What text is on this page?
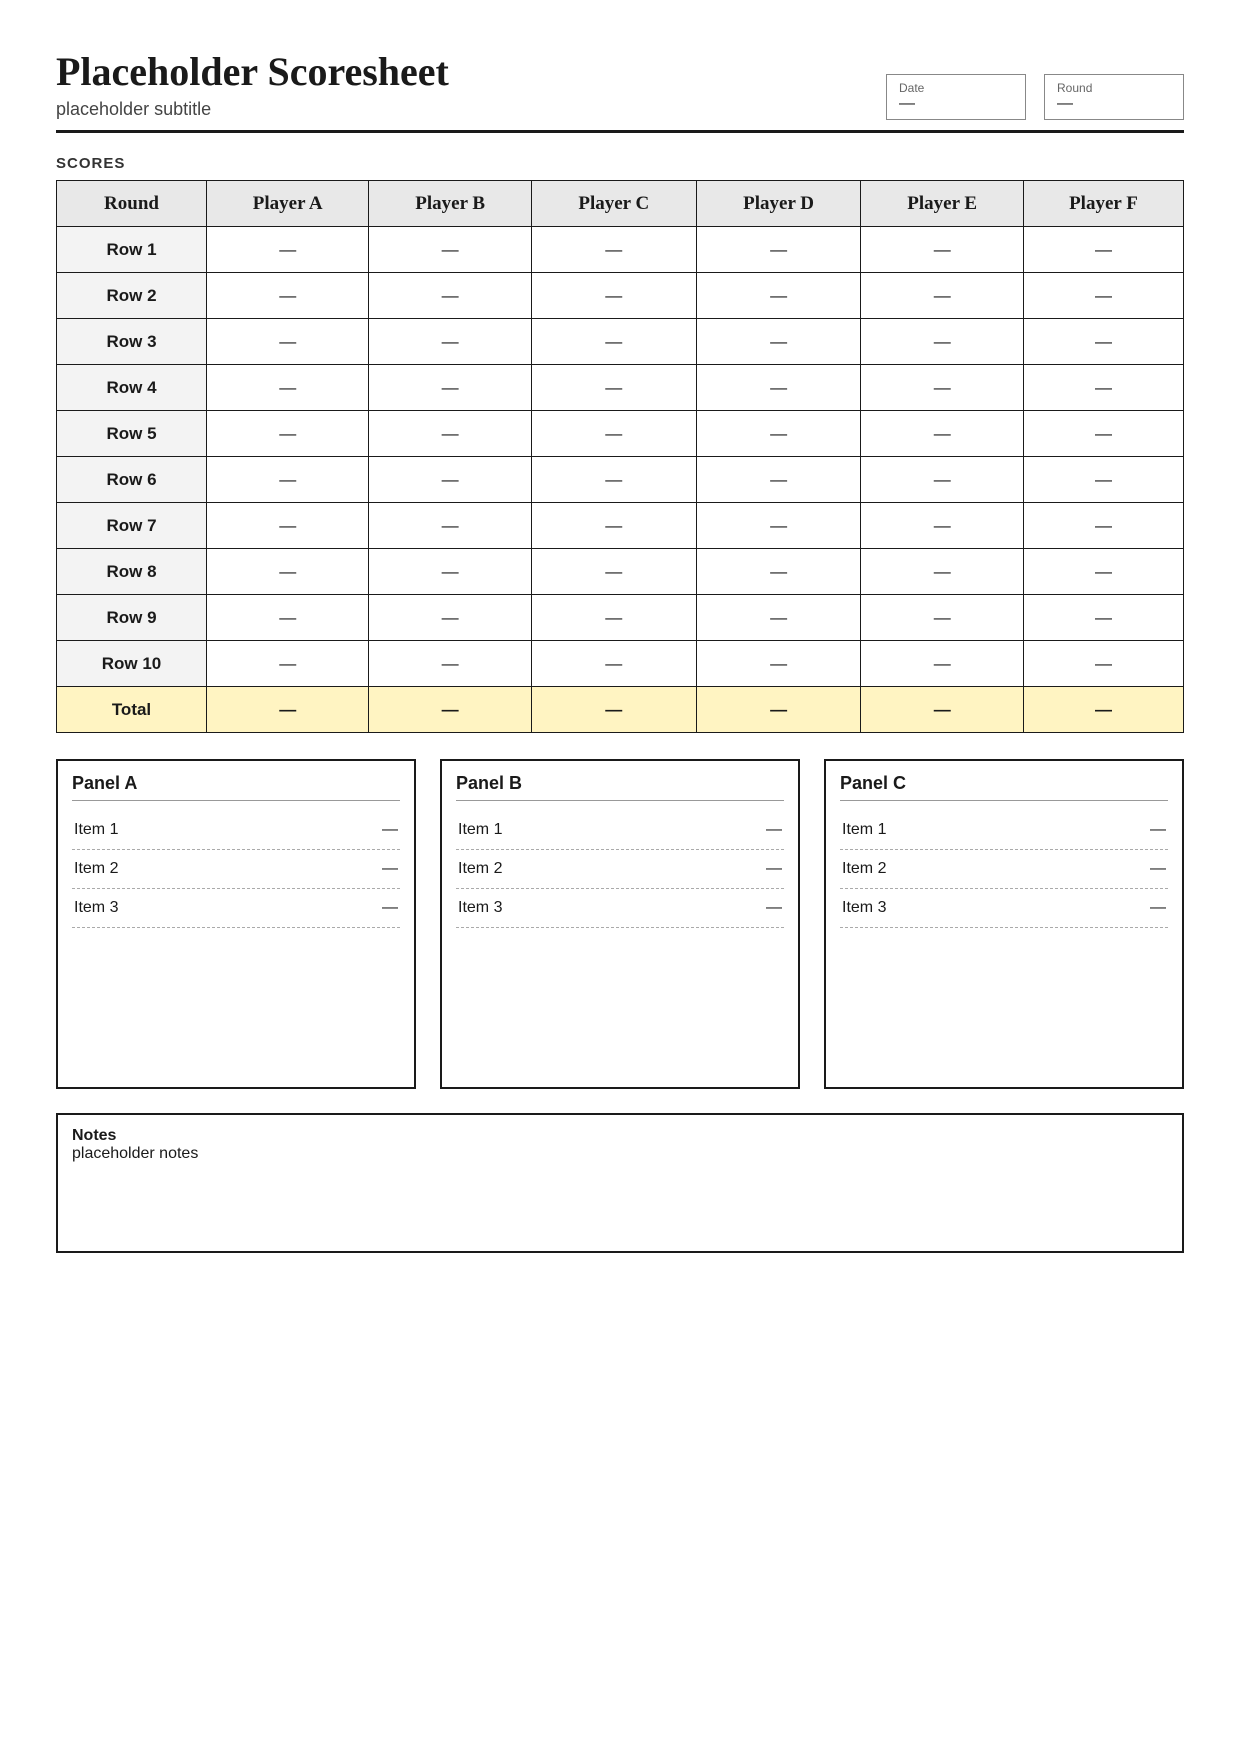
Placeholder Scoresheet
placeholder subtitle
Date
—
Round
—
SCORES
Round	Player A	Player B	Player C	Player D	Player E	Player F
Row 1	—	—	—	—	—	—
Row 2	—	—	—	—	—	—
Row 3	—	—	—	—	—	—
Row 4	—	—	—	—	—	—
Row 5	—	—	—	—	—	—
Row 6	—	—	—	—	—	—
Row 7	—	—	—	—	—	—
Row 8	—	—	—	—	—	—
Row 9	—	—	—	—	—	—
Row 10	—	—	—	—	—	—
Total	—	—	—	—	—	—
Panel A
Item 1	—
Item 2	—
Item 3	—
Panel B
Item 1	—
Item 2	—
Item 3	—
Panel C
Item 1	—
Item 2	—
Item 3	—
Notes
placeholder notes
